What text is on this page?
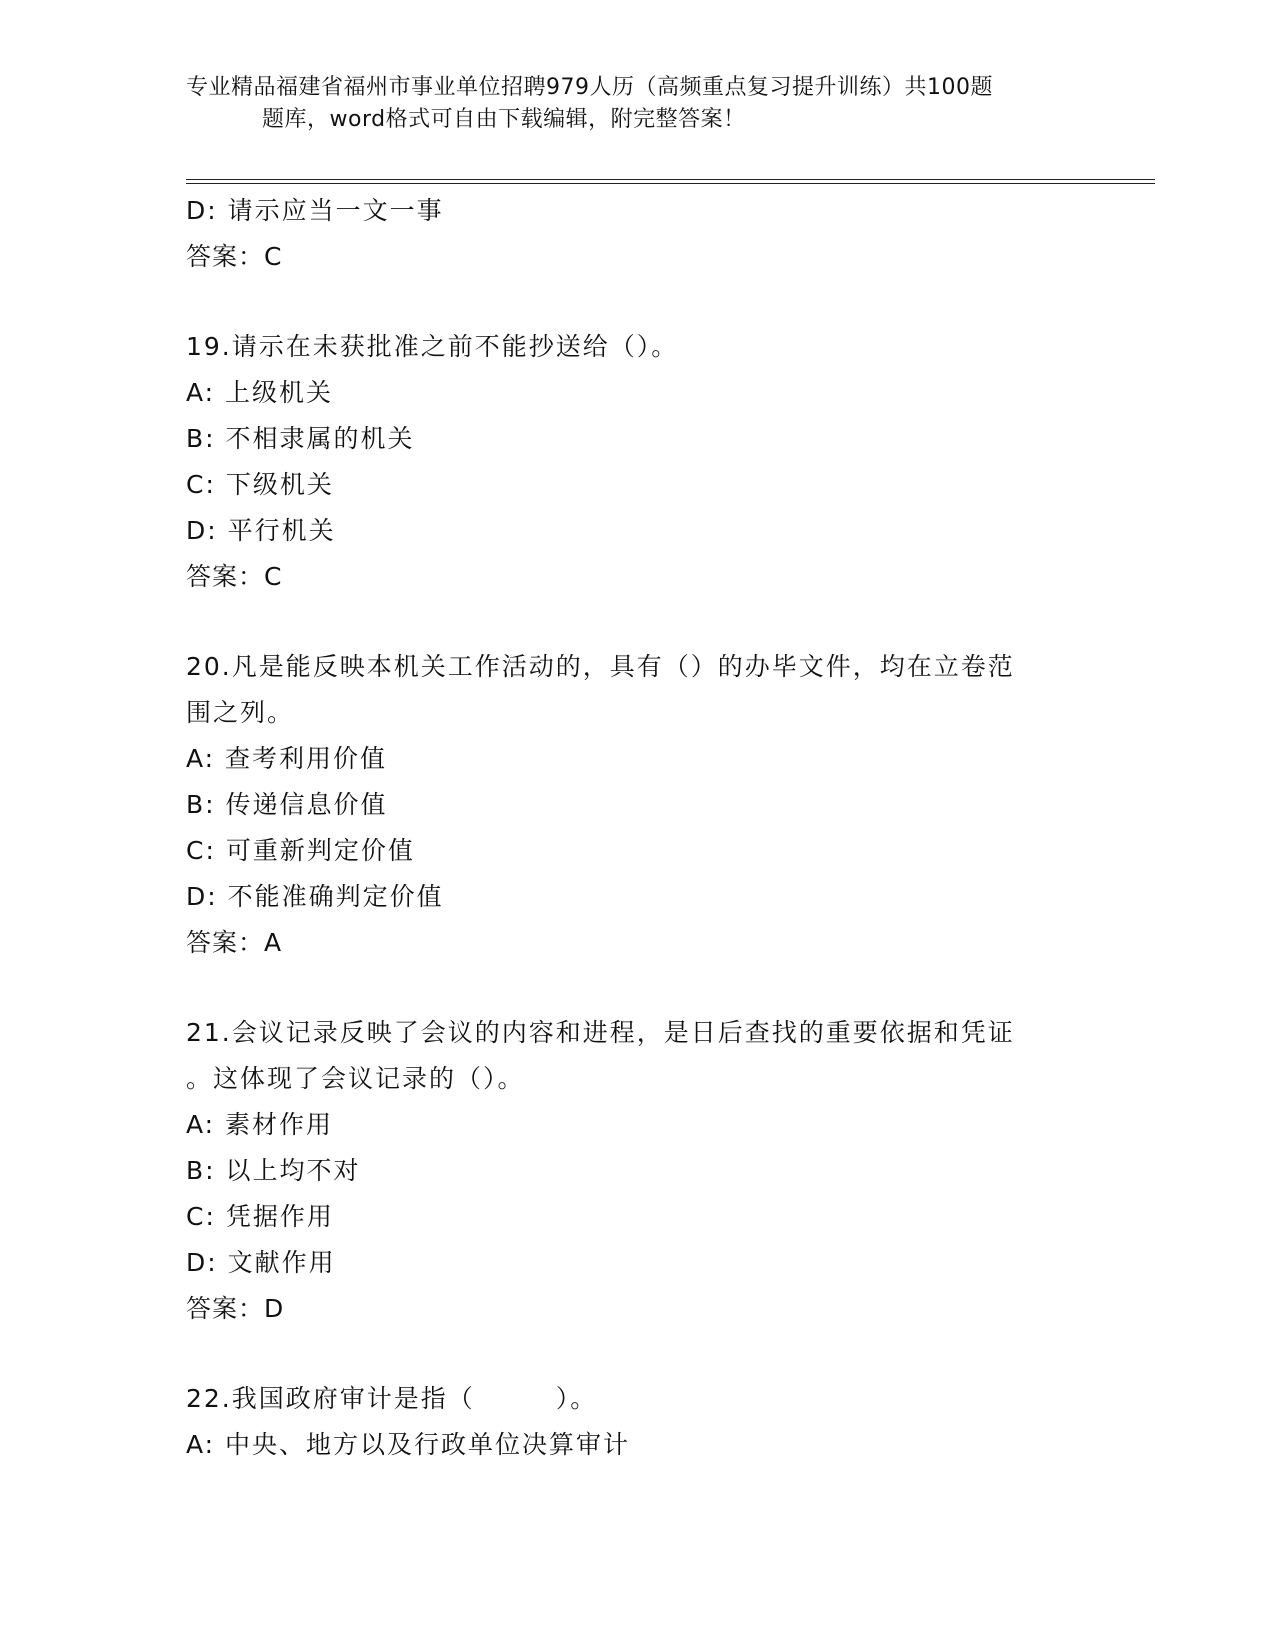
专业精品福建省福州市事业单位招聘979人历（高频重点复习提升训练）共100题
题库，word格式可自由下载编辑，附完整答案！
D: 请示应当一文一事
答案：C
19.请示在未获批准之前不能抄送给（）。
A: 上级机关
B: 不相隶属的机关
C: 下级机关
D: 平行机关
答案：C
20.凡是能反映本机关工作活动的，具有（）的办毕文件，均在立卷范
围之列。
A: 查考利用价值
B: 传递信息价值
C: 可重新判定价值
D: 不能准确判定价值
答案：A
21.会议记录反映了会议的内容和进程，是日后查找的重要依据和凭证
。这体现了会议记录的（）。
A: 素材作用
B: 以上均不对
C: 凭据作用
D: 文献作用
答案：D
22.我国政府审计是指（　　　）。
A: 中央、地方以及行政单位决算审计
